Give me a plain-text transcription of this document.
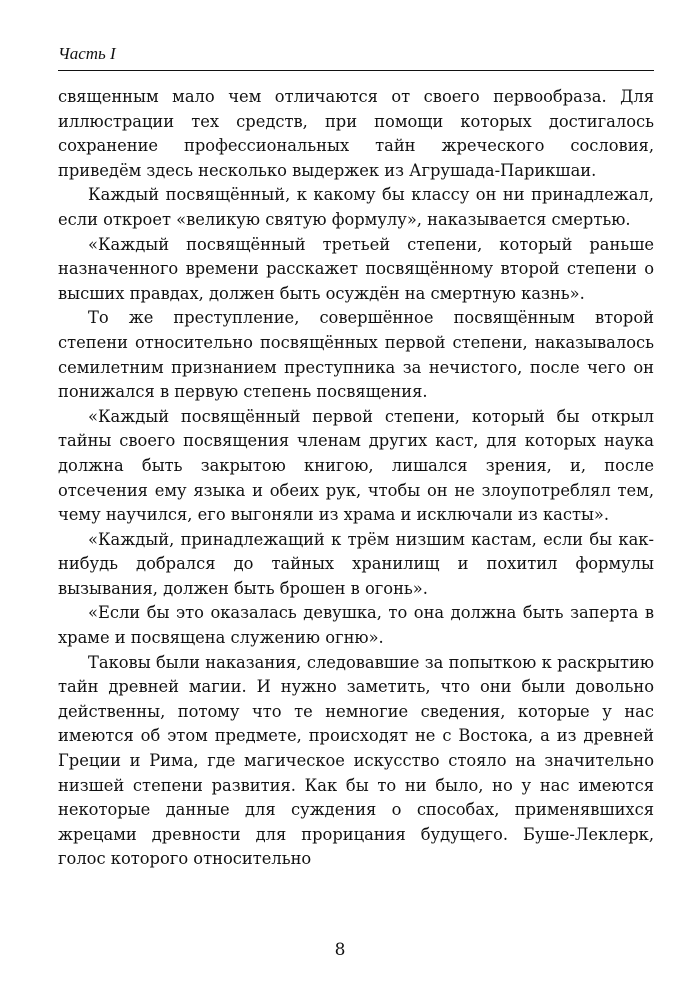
Часть I

священным мало чем отличаются от своего первообраза. Для иллюстрации тех средств, при помощи которых достигалось сохранение профессиональных тайн жреческого сословия, приведём здесь несколько выдержек из Агрушада-Парикшаи.

Каждый посвящённый, к какому бы классу он ни принадлежал, если откроет «великую святую формулу», наказывается смертью.

«Каждый посвящённый третьей степени, который раньше назначенного времени расскажет посвящённому второй степени о высших правдах, должен быть осуждён на смертную казнь».

То же преступление, совершённое посвящённым второй степени относительно посвящённых первой степени, наказывалось семилетним признанием преступника за нечистого, после чего он понижался в первую степень посвящения.

«Каждый посвящённый первой степени, который бы открыл тайны своего посвящения членам других каст, для которых наука должна быть закрытою книгою, лишался зрения, и, после отсечения ему языка и обеих рук, чтобы он не злоупотреблял тем, чему научился, его выгоняли из храма и исключали из касты».

«Каждый, принадлежащий к трём низшим кастам, если бы как-нибудь добрался до тайных хранилищ и похитил формулы вызывания, должен быть брошен в огонь».

«Если бы это оказалась девушка, то она должна быть заперта в храме и посвящена служению огню».

Таковы были наказания, следовавшие за попыткою к раскрытию тайн древней магии. И нужно заметить, что они были довольно действенны, потому что те немногие сведения, которые у нас имеются об этом предмете, происходят не с Востока, а из древней Греции и Рима, где магическое искусство стояло на значительно низшей степени развития. Как бы то ни было, но у нас имеются некоторые данные для суждения о способах, применявшихся жрецами древности для прорицания будущего. Буше-Леклерк, голос которого относительно

8
